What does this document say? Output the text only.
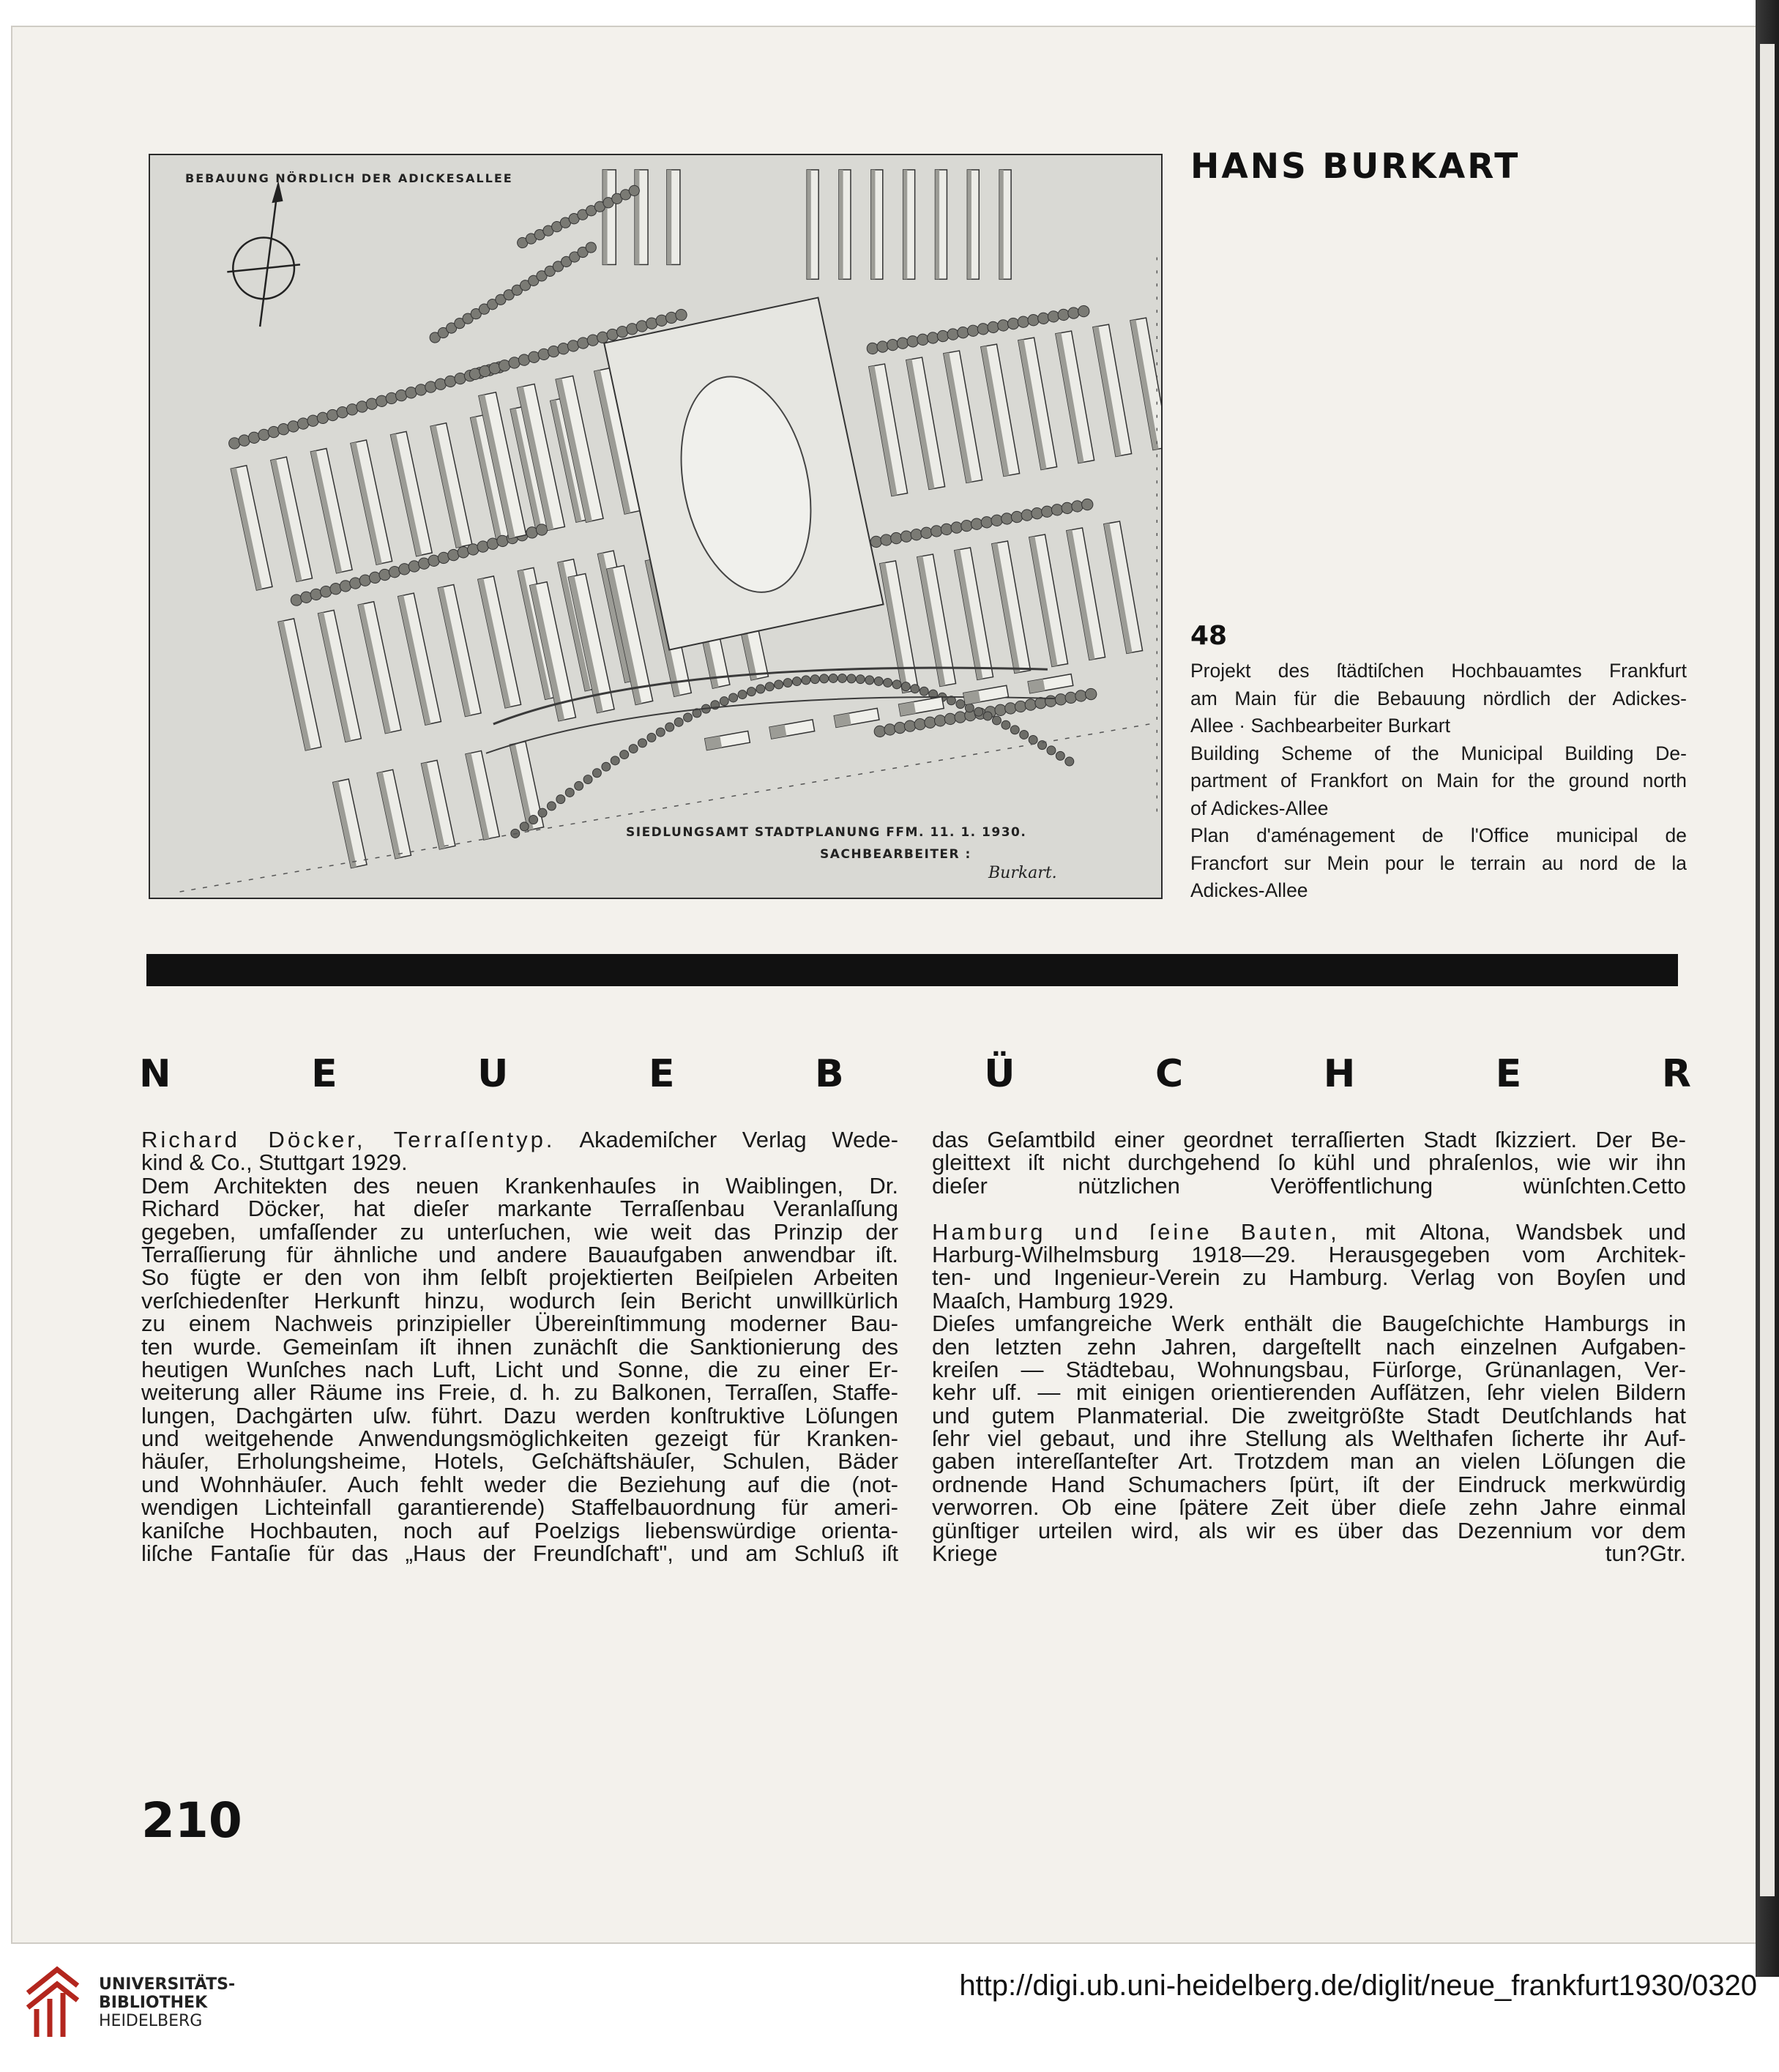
BEBAUUNG NÖRDLICH DER ADICKESALLEE
SIEDLUNGSAMT STADTPLANUNG FFM. 11. 1. 1930.
SACHBEARBEITER :
Burkart.
HANS BURKART
48
Projekt des ſtädtiſchen Hochbauamtes Frankfurt
am Main für die Bebauung nördlich der Adickes-
Allee · Sachbearbeiter Burkart
Building Scheme of the Municipal Building De-
partment of Frankfort on Main for the ground north
of Adickes-Allee
Plan d'aménagement de l'Office municipal de
Francfort sur Mein pour le terrain au nord de la
Adickes-Allee
N	E	U	E	B	Ü	C	H	E	R
Richard Döcker, Terraſſentyp. Akademiſcher Verlag Wede-
kind & Co., Stuttgart 1929.
Dem Architekten des neuen Krankenhauſes in Waiblingen, Dr.
Richard Döcker, hat dieſer markante Terraſſenbau Veranlaſſung
gegeben, umfaſſender zu unterſuchen, wie weit das Prinzip der
Terraſſierung für ähnliche und andere Bauaufgaben anwendbar iſt.
So fügte er den von ihm ſelbſt projektierten Beiſpielen Arbeiten
verſchiedenſter Herkunft hinzu, wodurch ſein Bericht unwillkürlich
zu einem Nachweis prinzipieller Übereinſtimmung moderner Bau-
ten wurde. Gemeinſam iſt ihnen zunächſt die Sanktionierung des
heutigen Wunſches nach Luft, Licht und Sonne, die zu einer Er-
weiterung aller Räume ins Freie, d. h. zu Balkonen, Terraſſen, Staffe-
lungen, Dachgärten uſw. führt. Dazu werden konſtruktive Löſungen
und weitgehende Anwendungsmöglichkeiten gezeigt für Kranken-
häuſer, Erholungsheime, Hotels, Geſchäftshäuſer, Schulen, Bäder
und Wohnhäuſer. Auch fehlt weder die Beziehung auf die (not-
wendigen Lichteinfall garantierende) Staffelbauordnung für ameri-
kaniſche Hochbauten, noch auf Poelzigs liebenswürdige orienta-
liſche Fantaſie für das „Haus der Freundſchaft", und am Schluß iſt
das Geſamtbild einer geordnet terraſſierten Stadt ſkizziert. Der Be-
gleittext iſt nicht durchgehend ſo kühl und phraſenlos, wie wir ihn
dieſer nützlichen Veröffentlichung wünſchten.Cetto
Hamburg und ſeine Bauten, mit Altona, Wandsbek und
Harburg-Wilhelmsburg 1918—29. Herausgegeben vom Architek-
ten- und Ingenieur-Verein zu Hamburg. Verlag von Boyſen und
Maaſch, Hamburg 1929.
Dieſes umfangreiche Werk enthält die Baugeſchichte Hamburgs in
den letzten zehn Jahren, dargeſtellt nach einzelnen Aufgaben-
kreiſen — Städtebau, Wohnungsbau, Fürſorge, Grünanlagen, Ver-
kehr uſf. — mit einigen orientierenden Aufſätzen, ſehr vielen Bildern
und gutem Planmaterial. Die zweitgrößte Stadt Deutſchlands hat
ſehr viel gebaut, und ihre Stellung als Welthafen ſicherte ihr Auf-
gaben intereſſanteſter Art. Trotzdem man an vielen Löſungen die
ordnende Hand Schumachers ſpürt, iſt der Eindruck merkwürdig
verworren. Ob eine ſpätere Zeit über dieſe zehn Jahre einmal
günſtiger urteilen wird, als wir es über das Dezennium vor dem
Kriege tun?Gtr.
210
UNIVERSITÄTS-
BIBLIOTHEK
HEIDELBERG
http://digi.ub.uni-heidelberg.de/diglit/neue_frankfurt1930/0320
